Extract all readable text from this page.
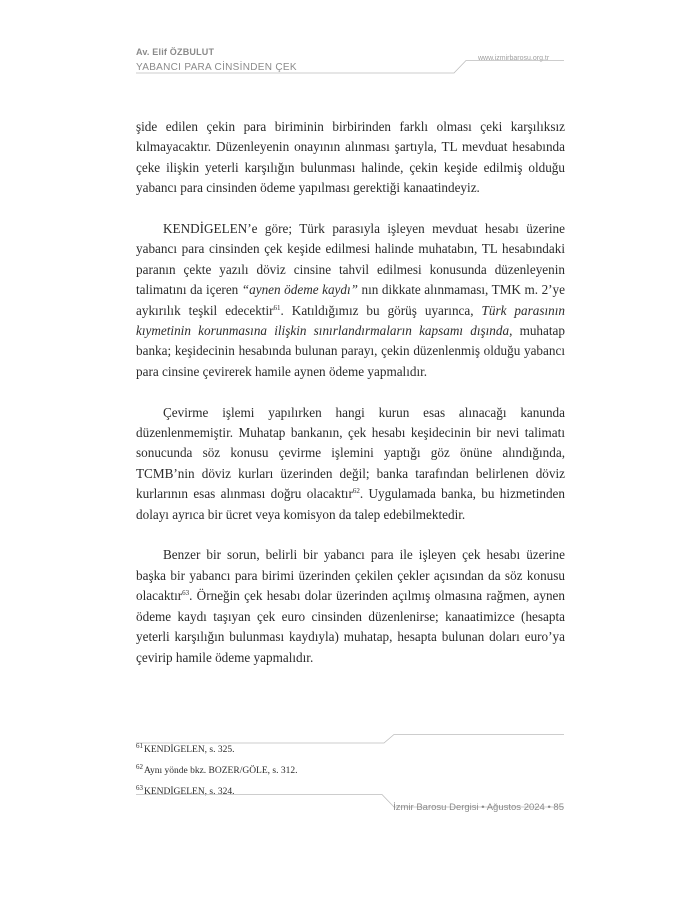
Av. Elif ÖZBULUT
YABANCI PARA CİNSİNDEN ÇEK
www.izmirbarosu.org.tr

şide edilen çekin para biriminin birbirinden farklı olması çeki karşılıksız kılmayacaktır. Düzenleyenin onayının alınması şartıyla, TL mevduat hesabında çeke ilişkin yeterli karşılığın bulunması halinde, çekin keşide edilmiş olduğu yabancı para cinsinden ödeme yapılması gerektiği kanaatindeyiz.

KENDİGELEN’e göre; Türk parasıyla işleyen mevduat hesabı üzerine yabancı para cinsinden çek keşide edilmesi halinde muhatabın, TL hesabındaki paranın çekte yazılı döviz cinsine tahvil edilmesi konusunda düzenleyenin talimatını da içeren “aynen ödeme kaydı” nın dikkate alınmaması, TMK m. 2’ye aykırılık teşkil edecektir$^{61}$. Katıldığımız bu görüş uyarınca, Türk parasının kıymetinin korunmasına ilişkin sınırlandırmaların kapsamı dışında, muhatap banka; keşidecinin hesabında bulunan parayı, çekin düzenlenmiş olduğu yabancı para cinsine çevirerek hamile aynen ödeme yapmalıdır.

Çevirme işlemi yapılırken hangi kurun esas alınacağı kanunda düzenlenmemiştir. Muhatap bankanın, çek hesabı keşidecinin bir nevi talimatı sonucunda söz konusu çevirme işlemini yaptığı göz önüne alındığında, TCMB’nin döviz kurları üzerinden değil; banka tarafından belirlenen döviz kurlarının esas alınması doğru olacaktır$^{62}$. Uygulamada banka, bu hizmetinden dolayı ayrıca bir ücret veya komisyon da talep edebilmektedir.

Benzer bir sorun, belirli bir yabancı para ile işleyen çek hesabı üzerine başka bir yabancı para birimi üzerinden çekilen çekler açısından da söz konusu olacaktır$^{63}$. Örneğin çek hesabı dolar üzerinden açılmış olmasına rağmen, aynen ödeme kaydı taşıyan çek euro cinsinden düzenlenirse; kanaatimizce (hesapta yeterli karşılığın bulunması kaydıyla) muhatap, hesapta bulunan doları euro’ya çevirip hamile ödeme yapmalıdır.

$^{61}$KENDİGELEN, s. 325.
$^{62}$Aynı yönde bkz. BOZER/GÖLE, s. 312.
$^{63}$KENDİGELEN, s. 324.
İzmir Barosu Dergisi • Ağustos 2024 • 85
